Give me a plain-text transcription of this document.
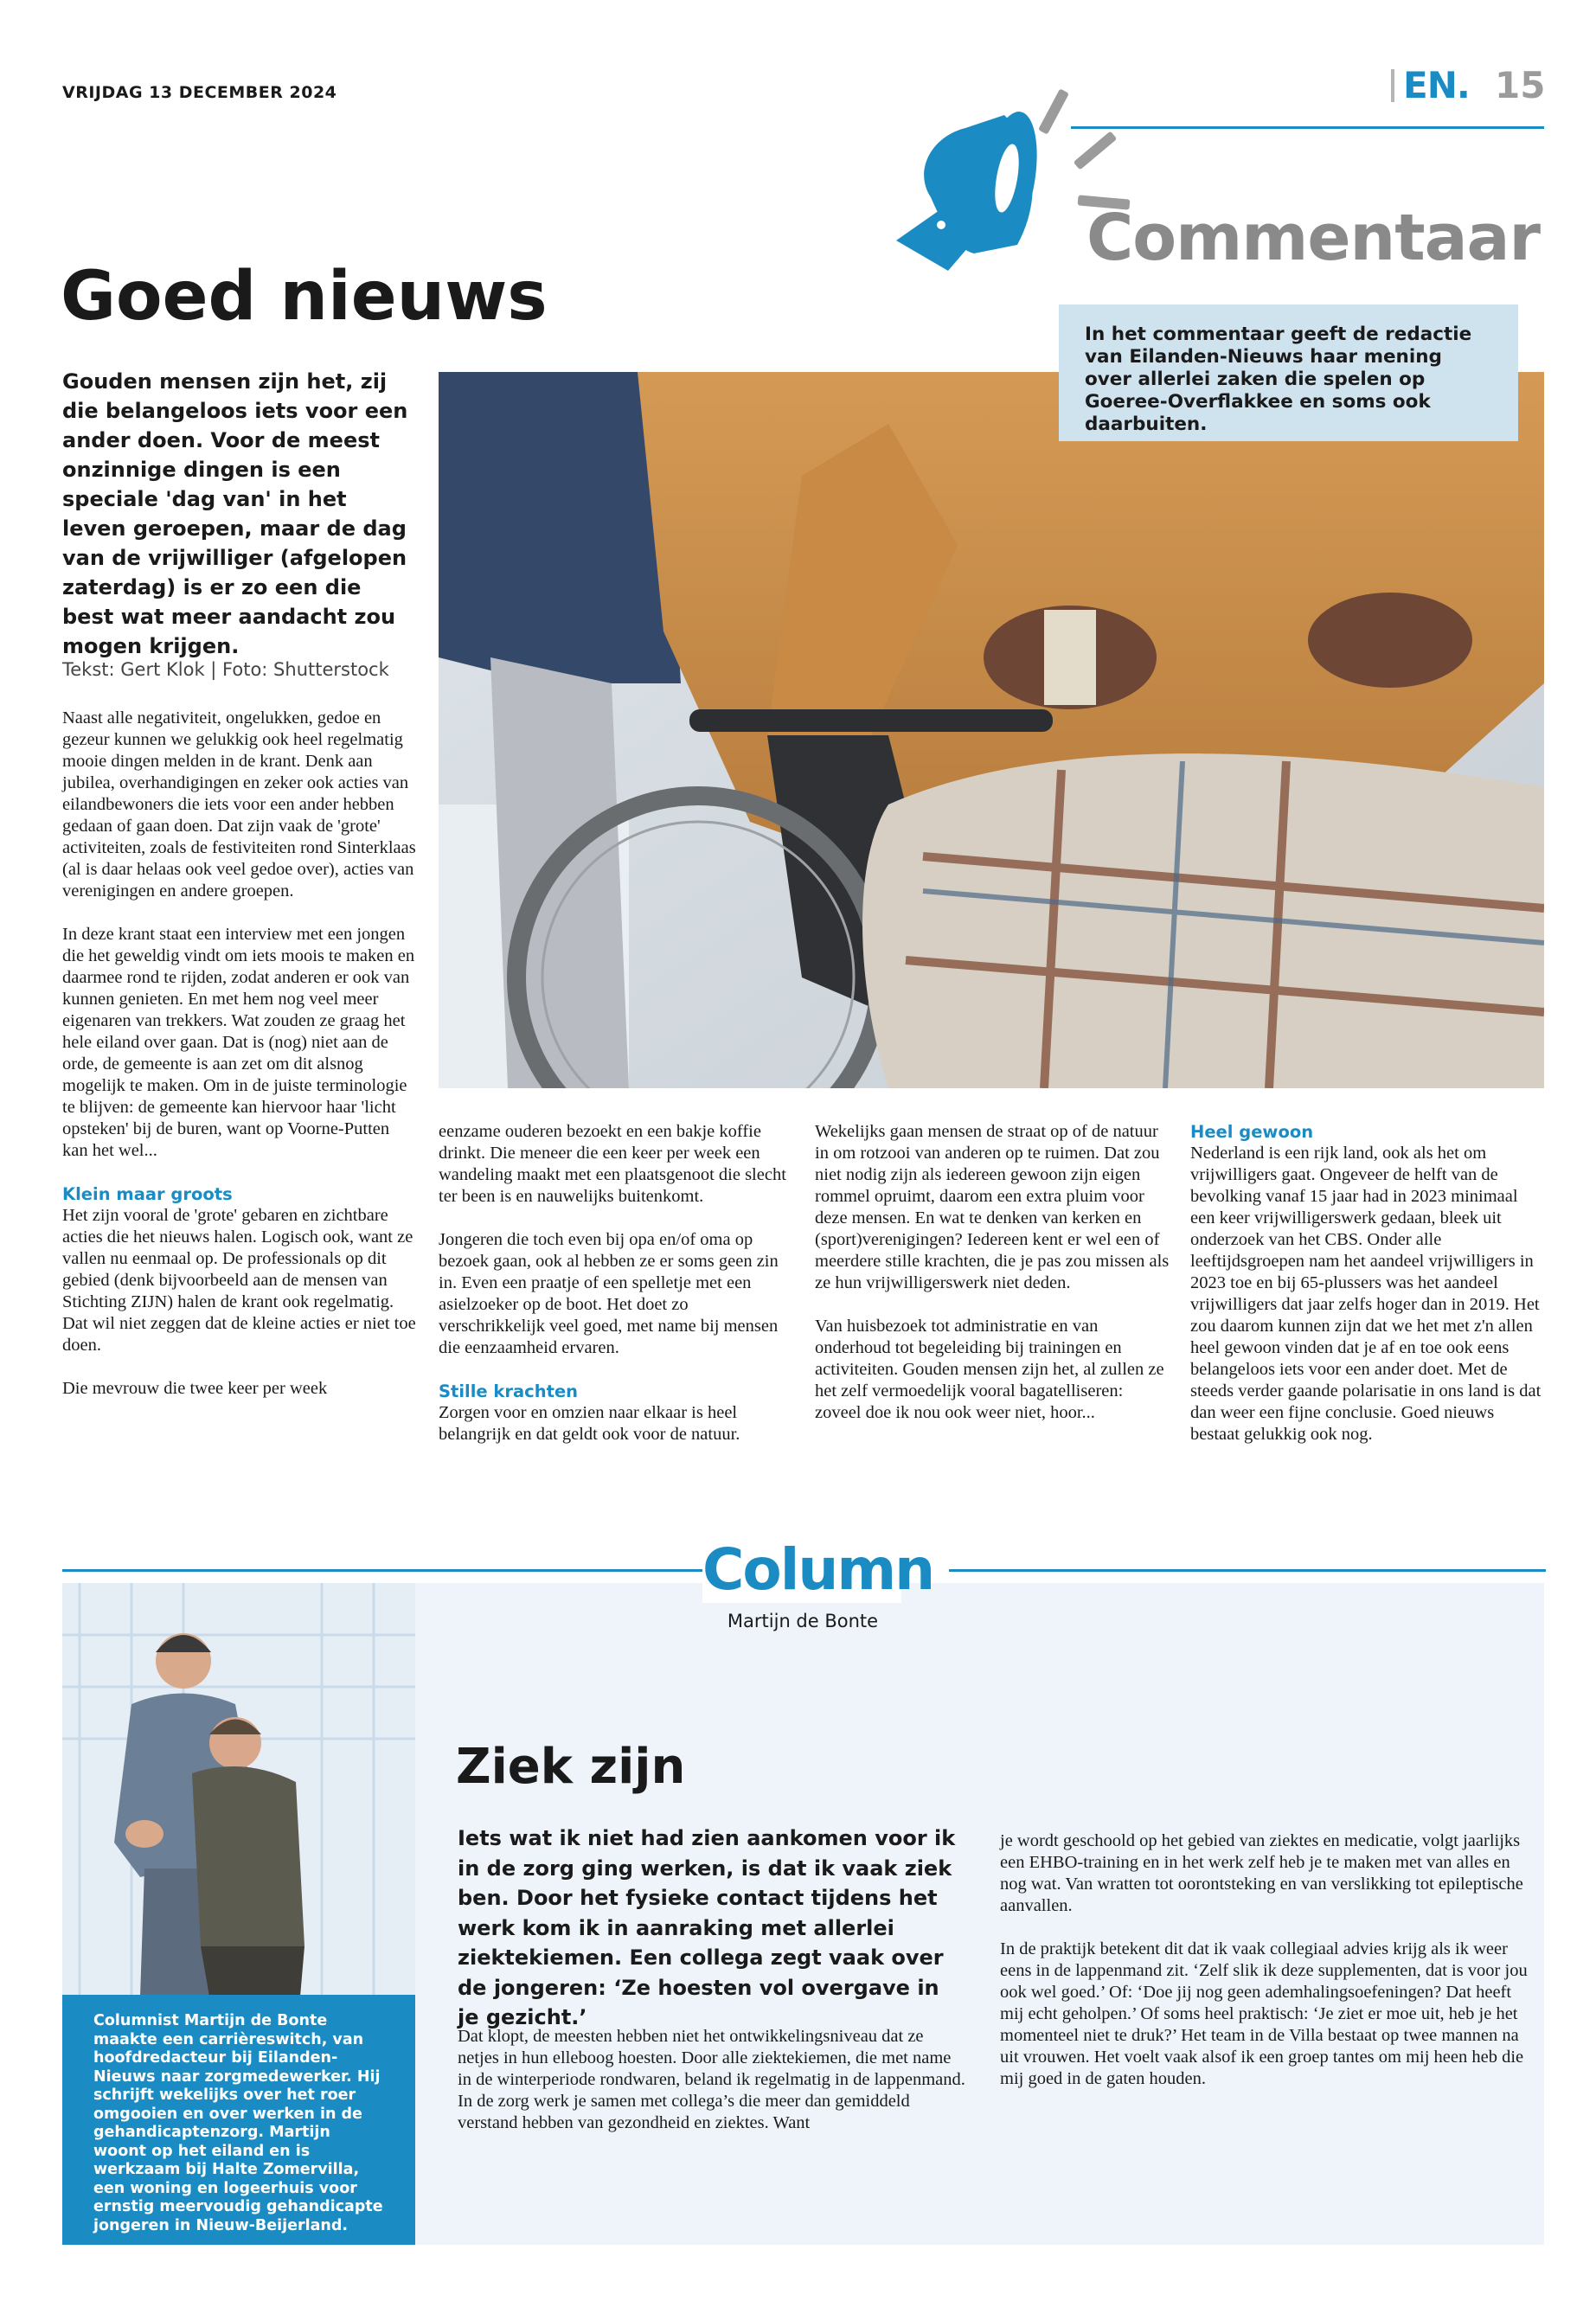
VRIJDAG 13 DECEMBER 2024	EN. 15
Commentaar
In het commentaar geeft de redactie van Eilanden-Nieuws haar mening over allerlei zaken die spelen op Goeree-Overflakkee en soms ook daarbuiten.
Goed nieuws
Gouden mensen zijn het, zij die belangeloos iets voor een ander doen. Voor de meest onzinnige dingen is een speciale 'dag van' in het leven geroepen, maar de dag van de vrijwilliger (afgelopen zaterdag) is er zo een die best wat meer aandacht zou mogen krijgen.
Tekst: Gert Klok | Foto: Shutterstock

Naast alle negativiteit, ongelukken, gedoe en gezeur kunnen we gelukkig ook heel regelmatig mooie dingen melden in de krant. Denk aan jubilea, overhandigingen en zeker ook acties van eilandbewoners die iets voor een ander hebben gedaan of gaan doen. Dat zijn vaak de 'grote' activiteiten, zoals de festiviteiten rond Sinterklaas (al is daar helaas ook veel gedoe over), acties van verenigingen en andere groepen.

In deze krant staat een interview met een jongen die het geweldig vindt om iets moois te maken en daarmee rond te rijden, zodat anderen er ook van kunnen genieten. En met hem nog veel meer eigenaren van trekkers. Wat zouden ze graag het hele eiland over gaan. Dat is (nog) niet aan de orde, de gemeente is aan zet om dit alsnog mogelijk te maken. Om in de juiste terminologie te blijven: de gemeente kan hiervoor haar 'licht opsteken' bij de buren, want op Voorne-Putten kan het wel...

Klein maar groots
Het zijn vooral de 'grote' gebaren en zichtbare acties die het nieuws halen. Logisch ook, want ze vallen nu eenmaal op. De professionals op dit gebied (denk bijvoorbeeld aan de mensen van Stichting ZIJN) halen de krant ook regelmatig. Dat wil niet zeggen dat de kleine acties er niet toe doen.

Die mevrouw die twee keer per week

eenzame ouderen bezoekt en een bakje koffie drinkt. Die meneer die een keer per week een wandeling maakt met een plaatsgenoot die slecht ter been is en nauwelijks buitenkomt.

Jongeren die toch even bij opa en/of oma op bezoek gaan, ook al hebben ze er soms geen zin in. Even een praatje of een spelletje met een asielzoeker op de boot. Het doet zo verschrikkelijk veel goed, met name bij mensen die eenzaamheid ervaren.

Stille krachten
Zorgen voor en omzien naar elkaar is heel belangrijk en dat geldt ook voor de natuur.

Wekelijks gaan mensen de straat op of de natuur in om rotzooi van anderen op te ruimen. Dat zou niet nodig zijn als iedereen gewoon zijn eigen rommel opruimt, daarom een extra pluim voor deze mensen. En wat te denken van kerken en (sport)verenigingen? Iedereen kent er wel een of meerdere stille krachten, die je pas zou missen als ze hun vrijwilligerswerk niet deden.

Van huisbezoek tot administratie en van onderhoud tot begeleiding bij trainingen en activiteiten. Gouden mensen zijn het, al zullen ze het zelf vermoedelijk vooral bagatelliseren: zoveel doe ik nou ook weer niet, hoor...

Heel gewoon
Nederland is een rijk land, ook als het om vrijwilligers gaat. Ongeveer de helft van de bevolking vanaf 15 jaar had in 2023 minimaal een keer vrijwilligerswerk gedaan, bleek uit onderzoek van het CBS. Onder alle leeftijdsgroepen nam het aandeel vrijwilligers in 2023 toe en bij 65-plussers was het aandeel vrijwilligers dat jaar zelfs hoger dan in 2019. Het zou daarom kunnen zijn dat we het met z'n allen heel gewoon vinden dat je af en toe ook eens belangeloos iets voor een ander doet. Met de steeds verder gaande polarisatie in ons land is dat dan weer een fijne conclusie. Goed nieuws bestaat gelukkig ook nog.

Column
Martijn de Bonte
Columnist Martijn de Bonte maakte een carrièreswitch, van hoofdredacteur bij Eilanden-Nieuws naar zorgmedewerker. Hij schrijft wekelijks over het roer omgooien en over werken in de gehandicaptenzorg. Martijn woont op het eiland en is werkzaam bij Halte Zomervilla, een woning en logeerhuis voor ernstig meervoudig gehandicapte jongeren in Nieuw-Beijerland.
Ziek zijn
Iets wat ik niet had zien aankomen voor ik in de zorg ging werken, is dat ik vaak ziek ben. Door het fysieke contact tijdens het werk kom ik in aanraking met allerlei ziektekiemen. Een collega zegt vaak over de jongeren: ‘Ze hoesten vol overgave in je gezicht.’

Dat klopt, de meesten hebben niet het ontwikkelingsniveau dat ze netjes in hun elleboog hoesten. Door alle ziektekiemen, die met name in de winterperiode rondwaren, beland ik regelmatig in de lappenmand. In de zorg werk je samen met collega’s die meer dan gemiddeld verstand hebben van gezondheid en ziektes. Want

je wordt geschoold op het gebied van ziektes en medicatie, volgt jaarlijks een EHBO-training en in het werk zelf heb je te maken met van alles en nog wat. Van wratten tot oorontsteking en van verslikking tot epileptische aanvallen.

In de praktijk betekent dit dat ik vaak collegiaal advies krijg als ik weer eens in de lappenmand zit. ‘Zelf slik ik deze supplementen, dat is voor jou ook wel goed.’ Of: ‘Doe jij nog geen ademhalingsoefeningen? Dat heeft mij echt geholpen.’ Of soms heel praktisch: ‘Je ziet er moe uit, heb je het momenteel niet te druk?’ Het team in de Villa bestaat op twee mannen na uit vrouwen. Het voelt vaak alsof ik een groep tantes om mij heen heb die mij goed in de gaten houden.
